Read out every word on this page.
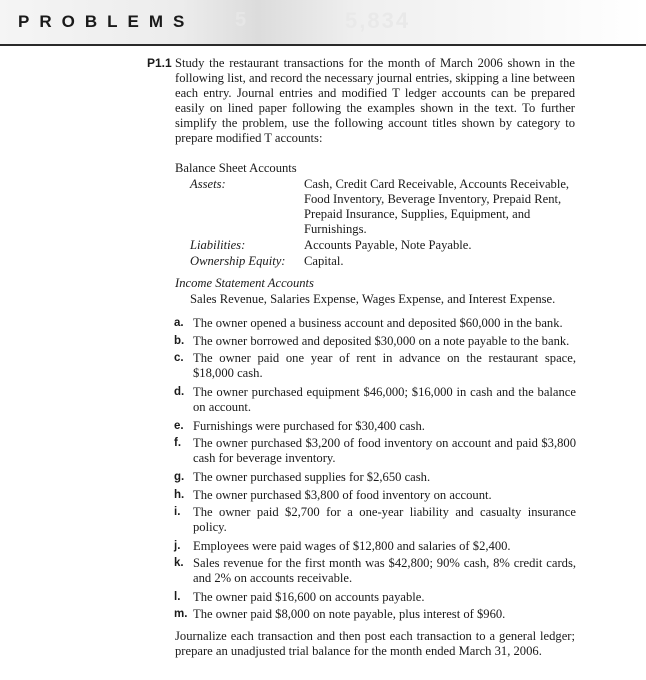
5	5,834
PROBLEMS
P1.1 Study the restaurant transactions for the month of March 2006 shown in the following list, and record the necessary journal entries, skipping a line between each entry. Journal entries and modified T ledger accounts can be prepared easily on lined paper following the examples shown in the text. To further simplify the problem, use the following account titles shown by category to prepare modified T accounts:
Balance Sheet Accounts
Assets:	Cash, Credit Card Receivable, Accounts Receivable, Food Inventory, Beverage Inventory, Prepaid Rent, Prepaid Insurance, Supplies, Equipment, and Furnishings.
Liabilities:	Accounts Payable, Note Payable.
Ownership Equity: Capital.
Income Statement Accounts
Sales Revenue, Salaries Expense, Wages Expense, and Interest Expense.
a. The owner opened a business account and deposited $60,000 in the bank.
b. The owner borrowed and deposited $30,000 on a note payable to the bank.
c. The owner paid one year of rent in advance on the restaurant space, $18,000 cash.
d. The owner purchased equipment $46,000; $16,000 in cash and the balance on account.
e. Furnishings were purchased for $30,400 cash.
f. The owner purchased $3,200 of food inventory on account and paid $3,800 cash for beverage inventory.
g. The owner purchased supplies for $2,650 cash.
h. The owner purchased $3,800 of food inventory on account.
i.	The owner paid $2,700 for a one-year liability and casualty insurance policy.
j.	Employees were paid wages of $12,800 and salaries of $2,400.
k. Sales revenue for the first month was $42,800; 90% cash, 8% credit cards, and 2% on accounts receivable.
l.	The owner paid $16,600 on accounts payable.
m. The owner paid $8,000 on note payable, plus interest of $960.
Journalize each transaction and then post each transaction to a general ledger; prepare an unadjusted trial balance for the month ended March 31, 2006.
